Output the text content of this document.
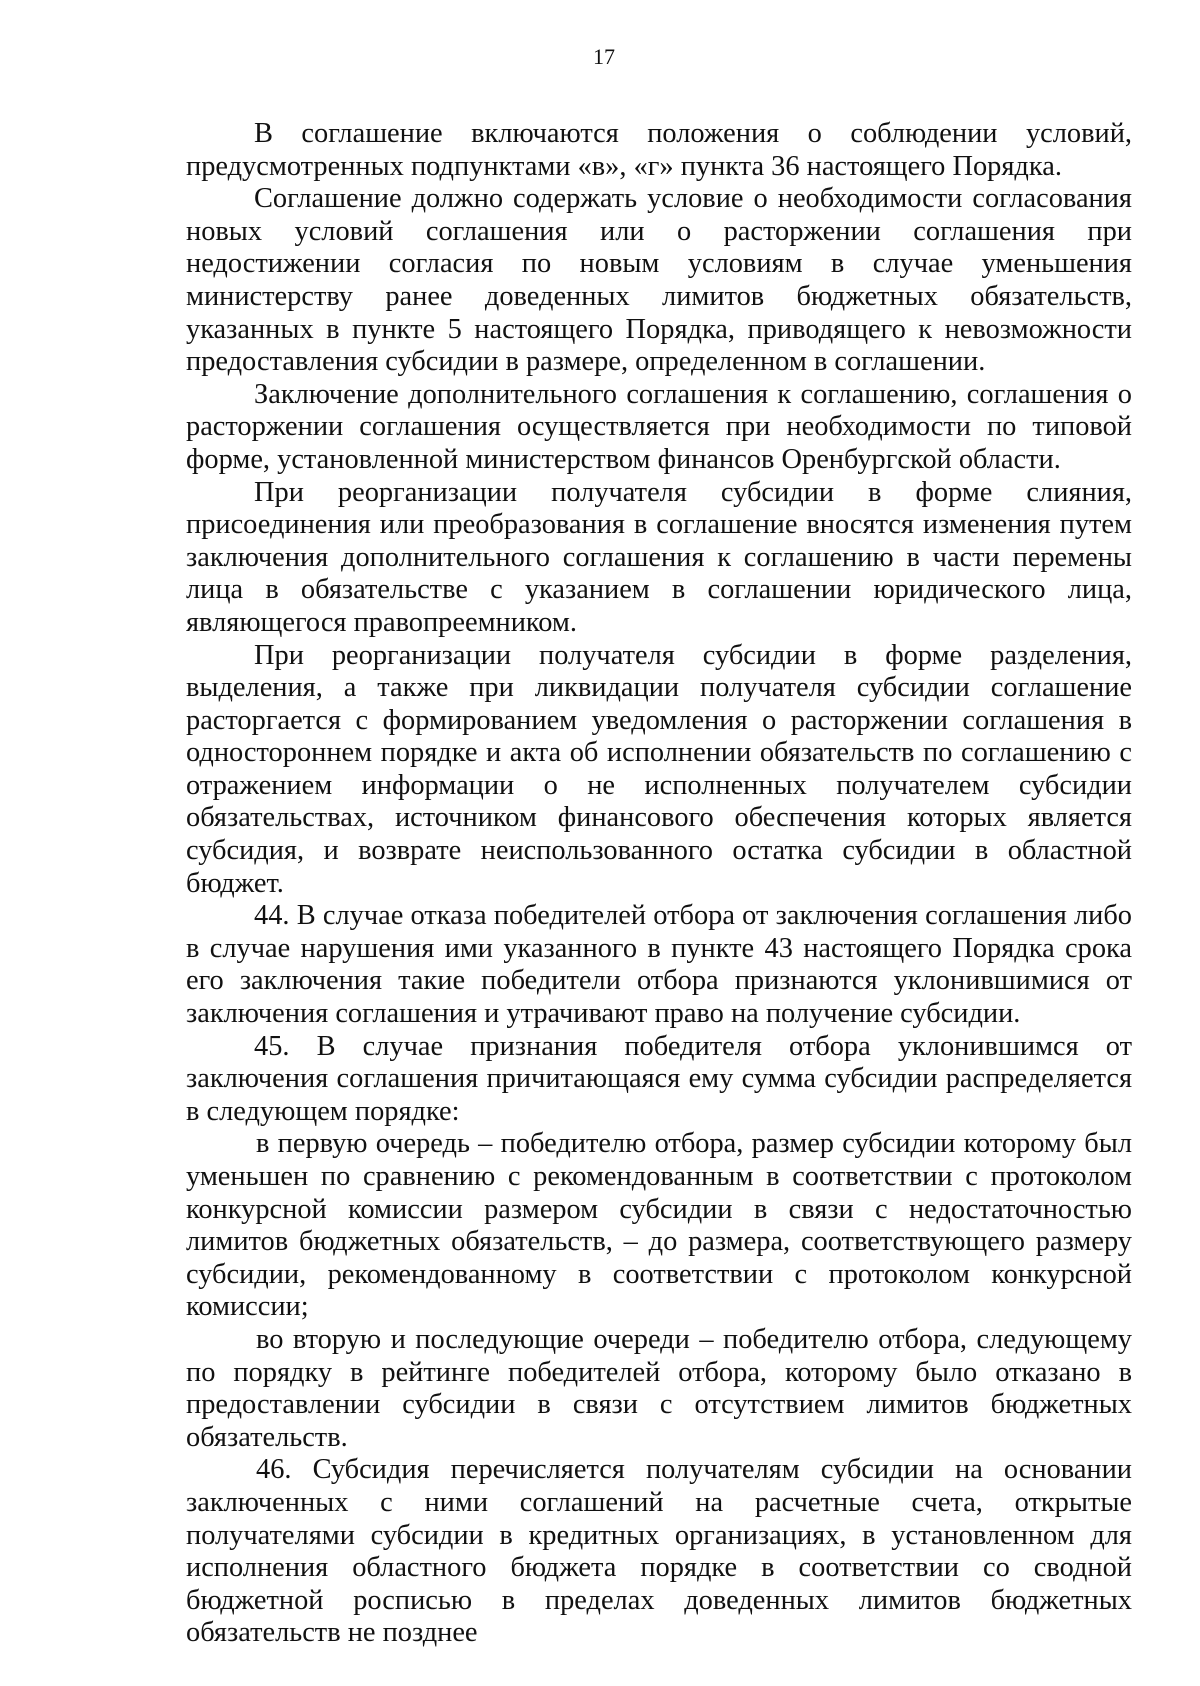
17

В соглашение включаются положения о соблюдении условий, предусмотренных подпунктами «в», «г» пункта 36 настоящего Порядка.

Соглашение должно содержать условие о необходимости согласования новых условий соглашения или о расторжении соглашения при недостижении согласия по новым условиям в случае уменьшения министерству ранее доведенных лимитов бюджетных обязательств, указанных в пункте 5 настоящего Порядка, приводящего к невозможности предоставления субсидии в размере, определенном в соглашении.

Заключение дополнительного соглашения к соглашению, соглашения о расторжении соглашения осуществляется при необходимости по типовой форме, установленной министерством финансов Оренбургской области.

При реорганизации получателя субсидии в форме слияния, присоединения или преобразования в соглашение вносятся изменения путем заключения дополнительного соглашения к соглашению в части перемены лица в обязательстве с указанием в соглашении юридического лица, являющегося правопреемником.

При реорганизации получателя субсидии в форме разделения, выделения, а также при ликвидации получателя субсидии соглашение расторгается с формированием уведомления о расторжении соглашения в одностороннем порядке и акта об исполнении обязательств по соглашению с отражением информации о не исполненных получателем субсидии обязательствах, источником финансового обеспечения которых является субсидия, и возврате неиспользованного остатка субсидии в областной бюджет.

44. В случае отказа победителей отбора от заключения соглашения либо в случае нарушения ими указанного в пункте 43 настоящего Порядка срока его заключения такие победители отбора признаются уклонившимися от заключения соглашения и утрачивают право на получение субсидии.

45. В случае признания победителя отбора уклонившимся от заключения соглашения причитающаяся ему сумма субсидии распределяется в следующем порядке:

в первую очередь – победителю отбора, размер субсидии которому был уменьшен по сравнению с рекомендованным в соответствии с протоколом конкурсной комиссии размером субсидии в связи с недостаточностью лимитов бюджетных обязательств, – до размера, соответствующего размеру субсидии, рекомендованному в соответствии с протоколом конкурсной комиссии;

во вторую и последующие очереди – победителю отбора, следующему по порядку в рейтинге победителей отбора, которому было отказано в предоставлении субсидии в связи с отсутствием лимитов бюджетных обязательств.

46. Субсидия перечисляется получателям субсидии на основании заключенных с ними соглашений на расчетные счета, открытые получателями субсидии в кредитных организациях, в установленном для исполнения областного бюджета порядке в соответствии со сводной бюджетной росписью в пределах доведенных лимитов бюджетных обязательств не позднее
